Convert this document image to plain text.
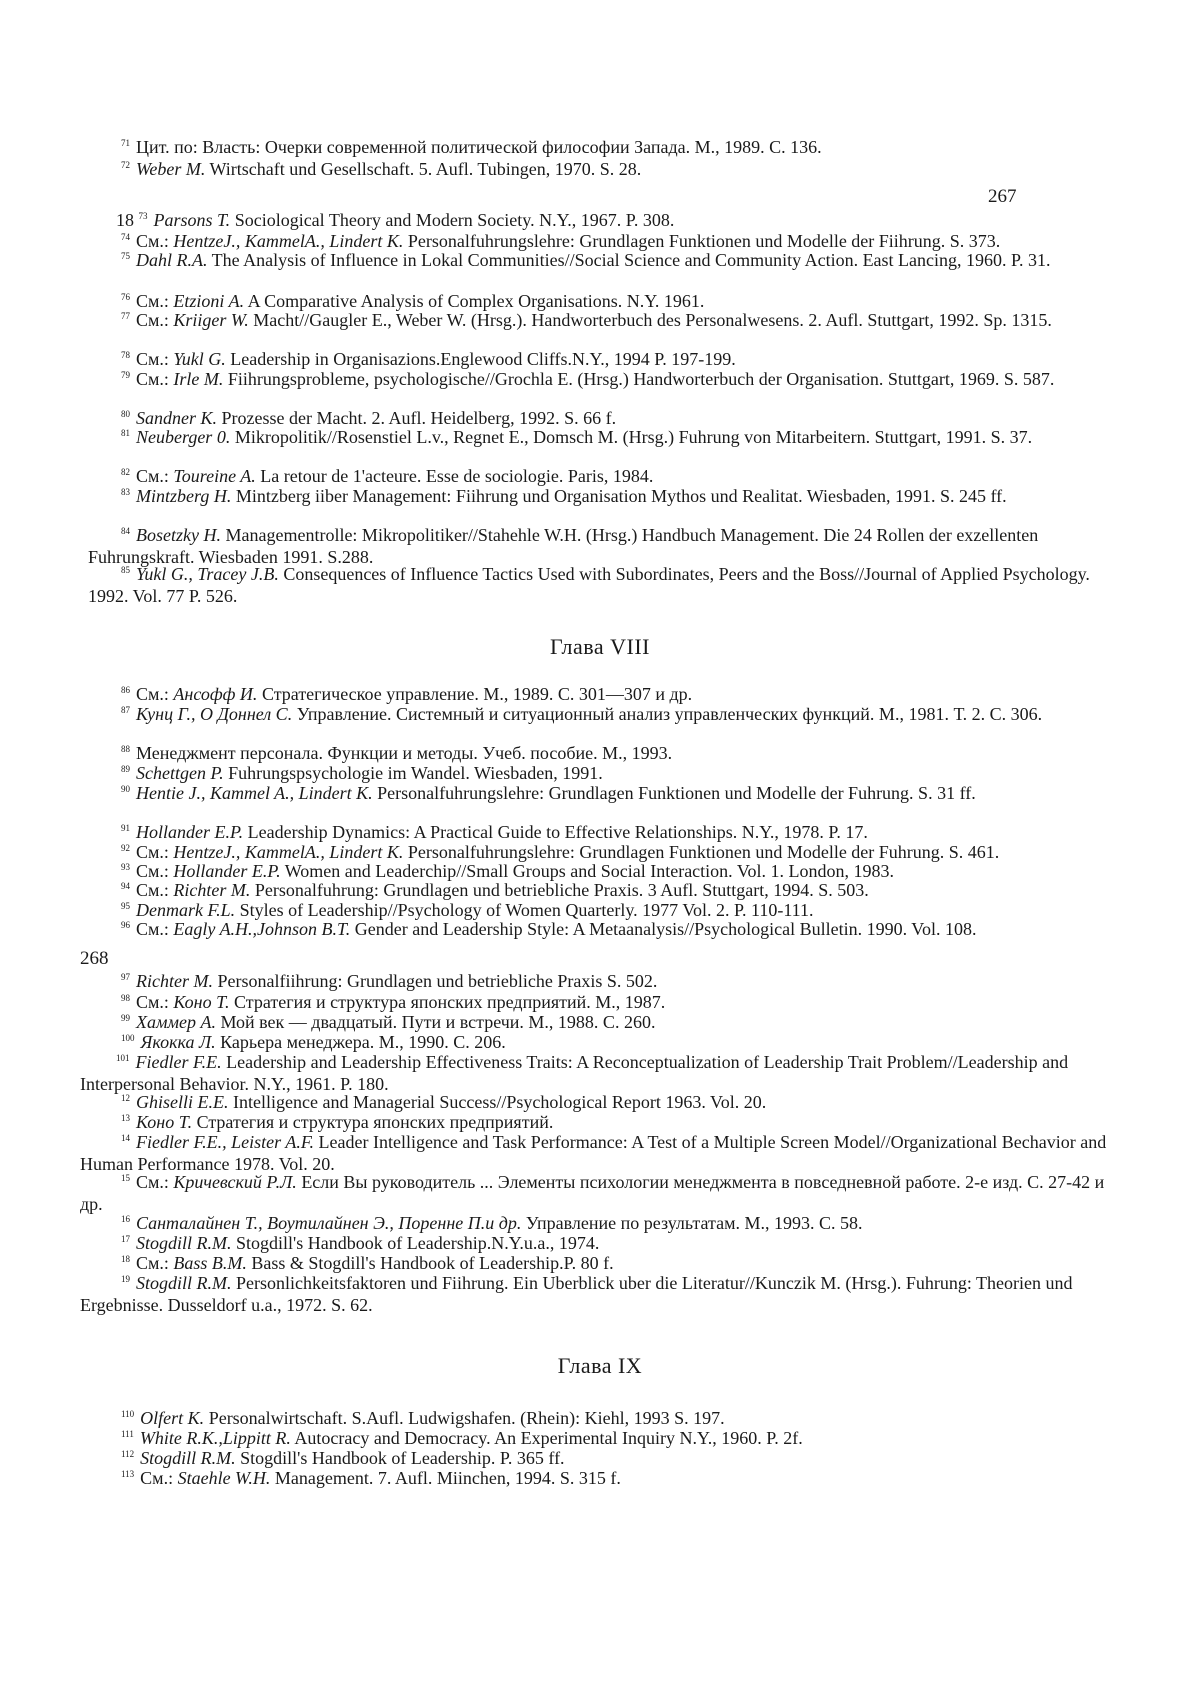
267
268
Глава VIII
Глава IX

$^{71}$ Цит. по: Власть: Очерки современной политической философии Запада. М., 1989. С. 136.

$^{72}$ Weber M. Wirtschaft und Gesellschaft. 5. Aufl. Tubingen, 1970. S. 28.

18 $^{73}$ Parsons T. Sociological Theory and Modern Society. N.Y., 1967. P. 308.

$^{74}$ См.: HentzeJ., KammelA., Lindert K. Personalfuhrungslehre: Grundlagen Funktionen und Modelle der Fiihrung. S. 373.

$^{75}$ Dahl R.A. The Analysis of Influence in Lokal Communities//Social Science and Community Action. East Lancing, 1960. P. 31.

$^{76}$ См.: Etzioni A. A Comparative Analysis of Complex Organisations. N.Y. 1961.

$^{77}$ См.: Kriiger W. Macht//Gaugler E., Weber W. (Hrsg.). Handworterbuch des Personalwesens. 2. Aufl. Stuttgart, 1992. Sp. 1315.

$^{78}$ См.: Yukl G. Leadership in Organisazions.Englewood Cliffs.N.Y., 1994 P. 197-199.

$^{79}$ См.: Irle M. Fiihrungsprobleme, psychologische//Grochla E. (Hrsg.) Handworterbuch der Organisation. Stuttgart, 1969. S. 587.

$^{80}$ Sandner K. Prozesse der Macht. 2. Aufl. Heidelberg, 1992. S. 66 f.

$^{81}$ Neuberger 0. Mikropolitik//Rosenstiel L.v., Regnet E., Domsch M. (Hrsg.) Fuhrung von Mitarbeitern. Stuttgart, 1991. S. 37.

$^{82}$ См.: Toureine A. La retour de 1'acteure. Esse de sociologie. Paris, 1984.

$^{83}$ Mintzberg H. Mintzberg iiber Management: Fiihrung und Organisation Mythos und Realitat. Wiesbaden, 1991. S. 245 ff.

$^{84}$ Bosetzky H. Managementrolle: Mikropolitiker//Stahehle W.H. (Hrsg.) Handbuch Management. Die 24 Rollen der exzellenten Fuhrungskraft. Wiesbaden 1991. S.288.

$^{85}$ Yukl G., Tracey J.B. Consequences of Influence Tactics Used with Subordinates, Peers and the Boss//Journal of Applied Psychology. 1992. Vol. 77 P. 526.

$^{86}$ См.: Ансофф И. Стратегическое управление. М., 1989. С. 301—307 и др.

$^{87}$ Кунц Г., О Доннел С. Управление. Системный и ситуационный анализ управленческих функций. М., 1981. Т. 2. С. 306.

$^{88}$ Менеджмент персонала. Функции и методы. Учеб. пособие. М., 1993.

$^{89}$ Schettgen P. Fuhrungspsychologie im Wandel. Wiesbaden, 1991.

$^{90}$ Hentie J., Kammel A., Lindert K. Personalfuhrungslehre: Grundlagen Funktionen und Modelle der Fuhrung. S. 31 ff.

$^{91}$ Hollander E.P. Leadership Dynamics: A Practical Guide to Effective Relationships. N.Y., 1978. P. 17.

$^{92}$ См.: HentzeJ., KammelA., Lindert K. Personalfuhrungslehre: Grundlagen Funktionen und Modelle der Fuhrung. S. 461.

$^{93}$ См.: Hollander E.P. Women and Leaderchip//Small Groups and Social Interaction. Vol. 1. London, 1983.

$^{94}$ См.: Richter M. Personalfuhrung: Grundlagen und betriebliche Praxis. 3 Aufl. Stuttgart, 1994. S. 503.

$^{95}$ Denmark F.L. Styles of Leadership//Psychology of Women Quarterly. 1977 Vol. 2. P. 110-111.

$^{96}$ См.: Eagly A.H.,Johnson B.T. Gender and Leadership Style: A Metaanalysis//Psychological Bulletin. 1990. Vol. 108.

$^{97}$ Richter M. Personalfiihrung: Grundlagen und betriebliche Praxis S. 502.

$^{98}$ См.: Коно Т. Стратегия и структура японских предприятий. М., 1987.

$^{99}$ Хаммер А. Мой век — двадцатый. Пути и встречи. М., 1988. С. 260.

$^{100}$ Якокка Л. Карьера менеджера. М., 1990. С. 206.

$^{101}$ Fiedler F.E. Leadership and Leadership Effectiveness Traits: A Reconceptualization of Leadership Trait Problem//Leadership and Interpersonal Behavior. N.Y., 1961. P. 180.

$^{12}$ Ghiselli E.E. Intelligence and Managerial Success//Psychological Report 1963. Vol. 20.

$^{13}$ Коно Т. Стратегия и структура японских предприятий.

$^{14}$ Fiedler F.E., Leister A.F. Leader Intelligence and Task Performance: A Test of a Multiple Screen Model//Organizational Bechavior and Human Performance 1978. Vol. 20.

$^{15}$ См.: Кричевский Р.Л. Если Вы руководитель ... Элементы психологии менеджмента в повседневной работе. 2-е изд. С. 27-42 и др.

$^{16}$ Санталайнен Т., Воутилайнен Э., Поренне П.и др. Управление по результатам. М., 1993. С. 58.

$^{17}$ Stogdill R.M. Stogdill's Handbook of Leadership.N.Y.u.a., 1974.

$^{18}$ См.: Bass B.M. Bass & Stogdill's Handbook of Leadership.P. 80 f.

$^{19}$ Stogdill R.M. Personlichkeitsfaktoren und Fiihrung. Ein Uberblick uber die Literatur//Kunczik M. (Hrsg.). Fuhrung: Theorien und Ergebnisse. Dusseldorf u.a., 1972. S. 62.

$^{110}$ Olfert K. Personalwirtschaft. S.Aufl. Ludwigshafen. (Rhein): Kiehl, 1993 S. 197.

$^{111}$ White R.K.,Lippitt R. Autocracy and Democracy. An Experimental Inquiry N.Y., 1960. P. 2f.

$^{112}$ Stogdill R.M. Stogdill's Handbook of Leadership. P. 365 ff.

$^{113}$ См.: Staehle W.H. Management. 7. Aufl. Miinchen, 1994. S. 315 f.
